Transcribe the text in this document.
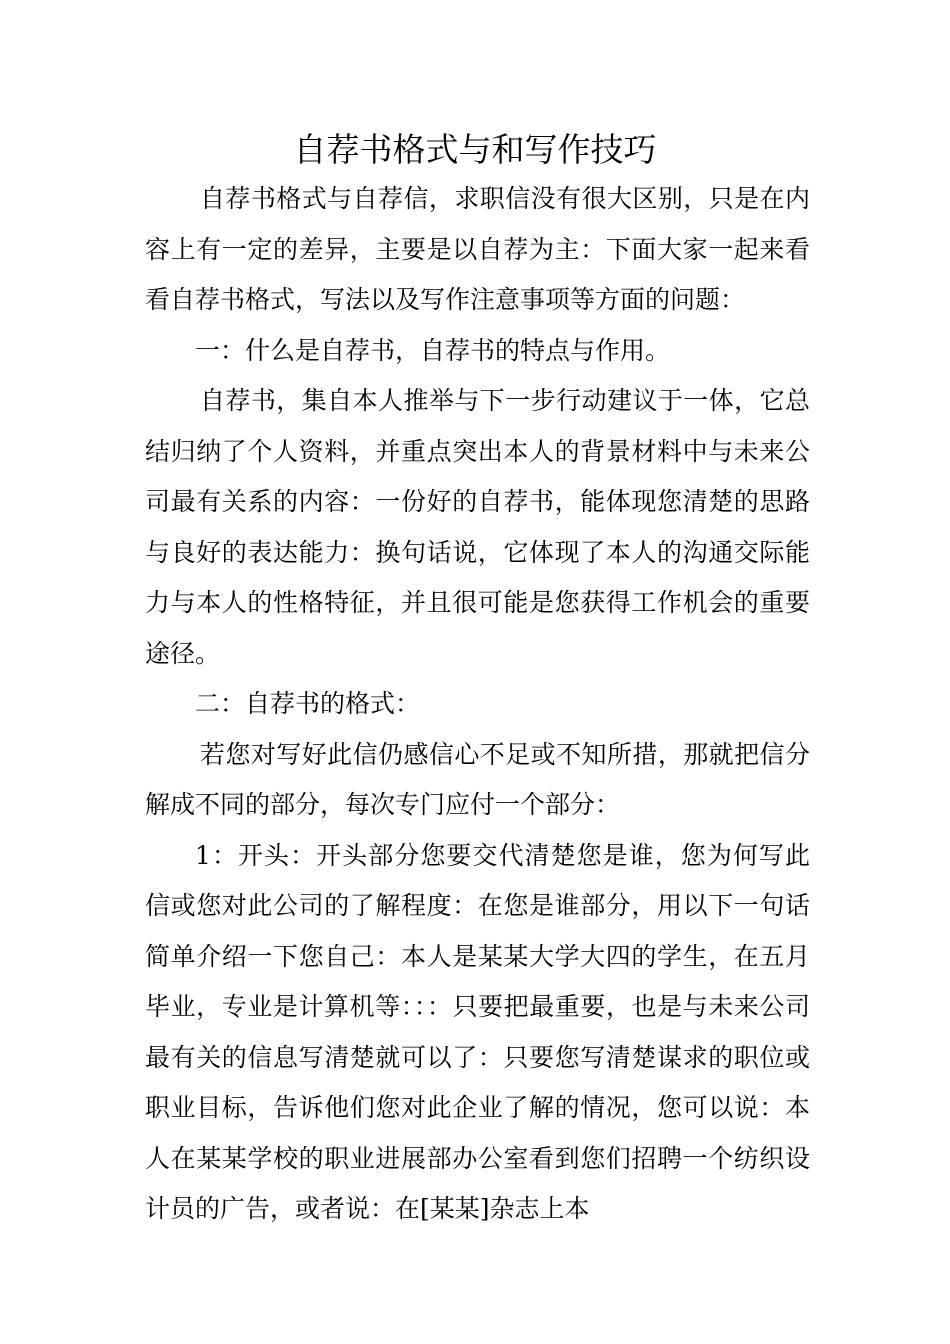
自荐书格式与和写作技巧

自荐书格式与自荐信，求职信没有很大区别，只是在内容上有一定的差异，主要是以自荐为主：下面大家一起来看看自荐书格式，写法以及写作注意事项等方面的问题：

一：什么是自荐书，自荐书的特点与作用。

自荐书，集自本人推举与下一步行动建议于一体，它总结归纳了个人资料，并重点突出本人的背景材料中与未来公司最有关系的内容：一份好的自荐书，能体现您清楚的思路与良好的表达能力：换句话说，它体现了本人的沟通交际能力与本人的性格特征，并且很可能是您获得工作机会的重要途径。

二：自荐书的格式：

若您对写好此信仍感信心不足或不知所措，那就把信分解成不同的部分，每次专门应付一个部分：

1：开头：开头部分您要交代清楚您是谁，您为何写此信或您对此公司的了解程度：在您是谁部分，用以下一句话简单介绍一下您自己：本人是某某大学大四的学生，在五月毕业，专业是计算机等：：：只要把最重要，也是与未来公司最有关的信息写清楚就可以了：只要您写清楚谋求的职位或职业目标，告诉他们您对此企业了解的情况，您可以说：本人在某某学校的职业进展部办公室看到您们招聘一个纺织设计员的广告，或者说：在[某某]杂志上本
